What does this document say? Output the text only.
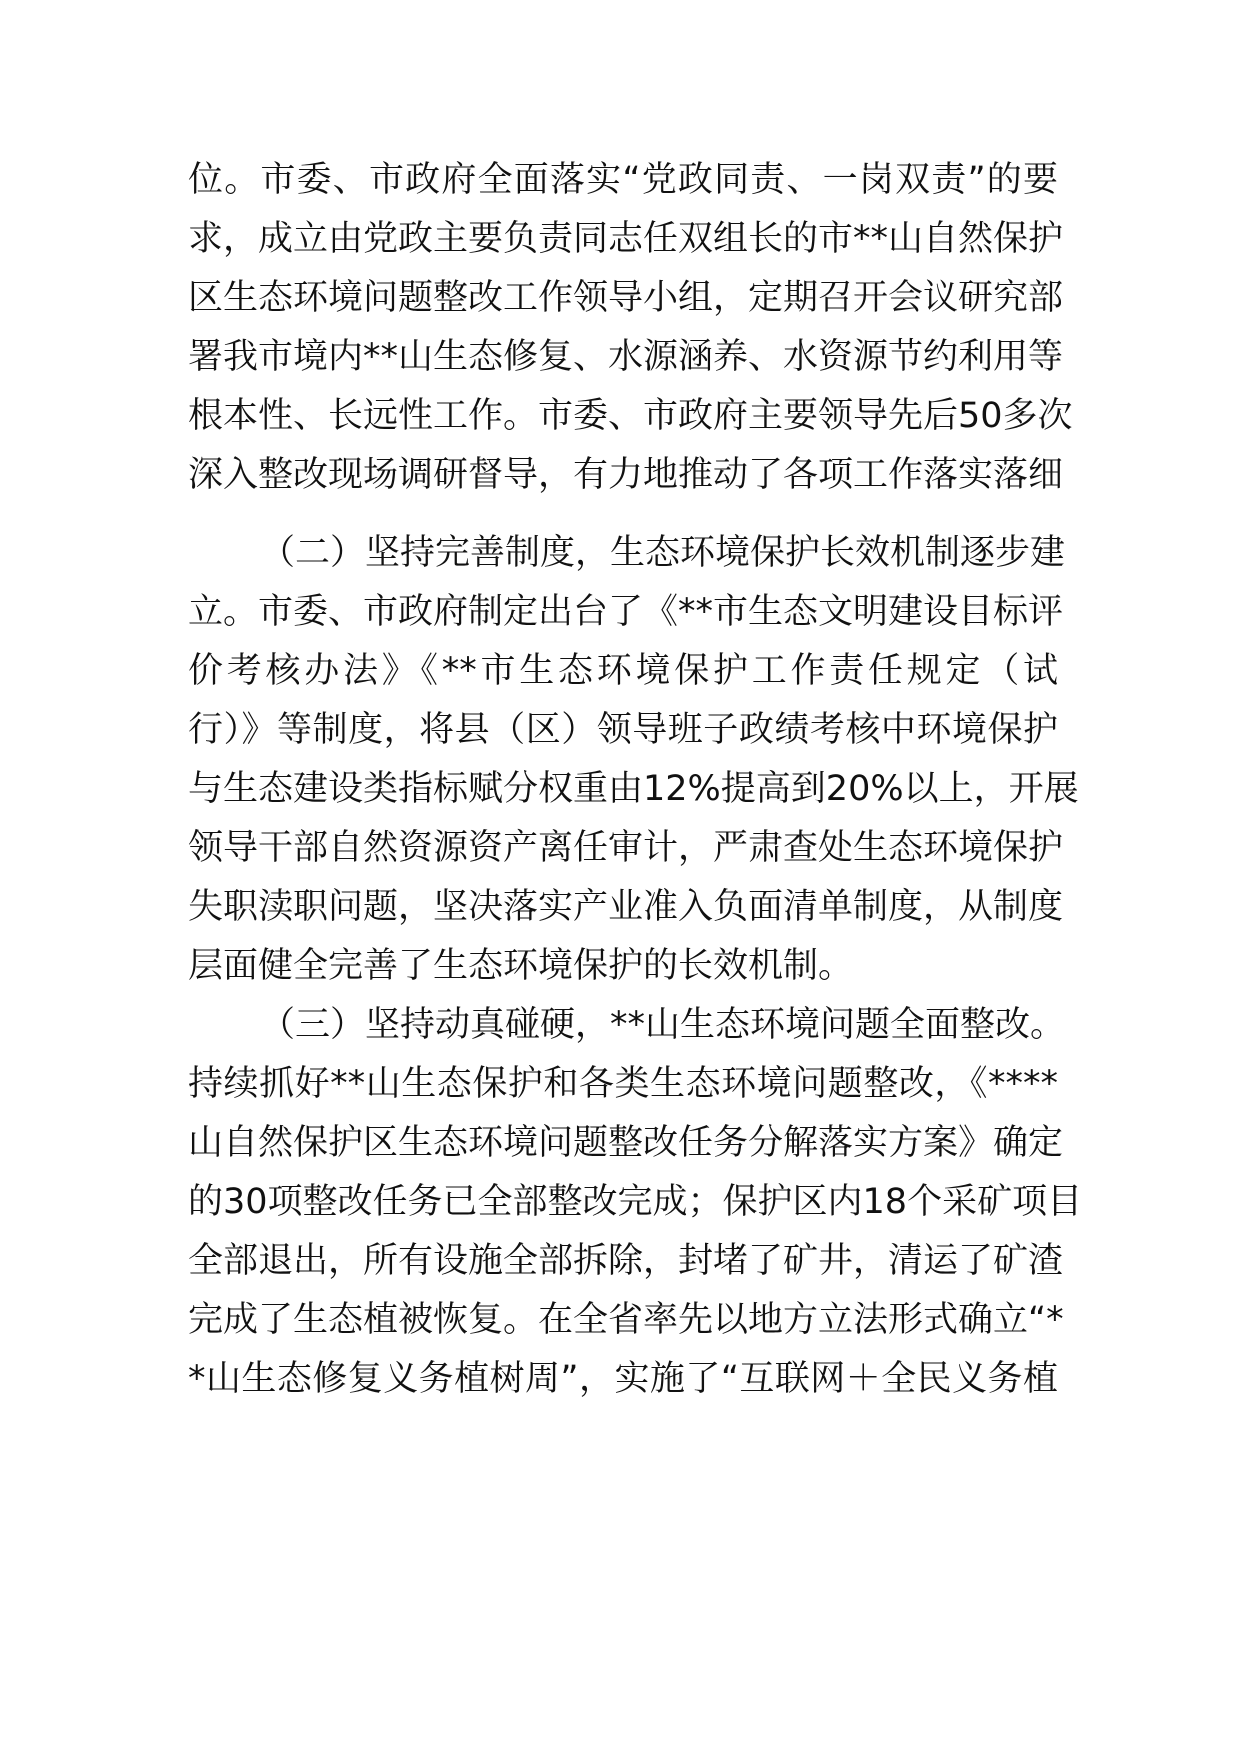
位。市委、市政府全面落实“党政同责、一岗双责”的要
求，成立由党政主要负责同志任双组长的市**山自然保护
区生态环境问题整改工作领导小组，定期召开会议研究部
署我市境内**山生态修复、水源涵养、水资源节约利用等
根本性、长远性工作。市委、市政府主要领导先后50多次
深入整改现场调研督导，有力地推动了各项工作落实落细
（二）坚持完善制度，生态环境保护长效机制逐步建
立。市委、市政府制定出台了《**市生态文明建设目标评
价考核办法》《**市生态环境保护工作责任规定（试
行）》等制度，将县（区）领导班子政绩考核中环境保护
与生态建设类指标赋分权重由12%提高到20%以上，开展
领导干部自然资源资产离任审计，严肃查处生态环境保护
失职渎职问题，坚决落实产业准入负面清单制度，从制度
层面健全完善了生态环境保护的长效机制。
（三）坚持动真碰硬，**山生态环境问题全面整改。
持续抓好**山生态保护和各类生态环境问题整改，《****
山自然保护区生态环境问题整改任务分解落实方案》确定
的30项整改任务已全部整改完成；保护区内18个采矿项目
全部退出，所有设施全部拆除，封堵了矿井，清运了矿渣
完成了生态植被恢复。在全省率先以地方立法形式确立“*
*山生态修复义务植树周”，实施了“互联网＋全民义务植
